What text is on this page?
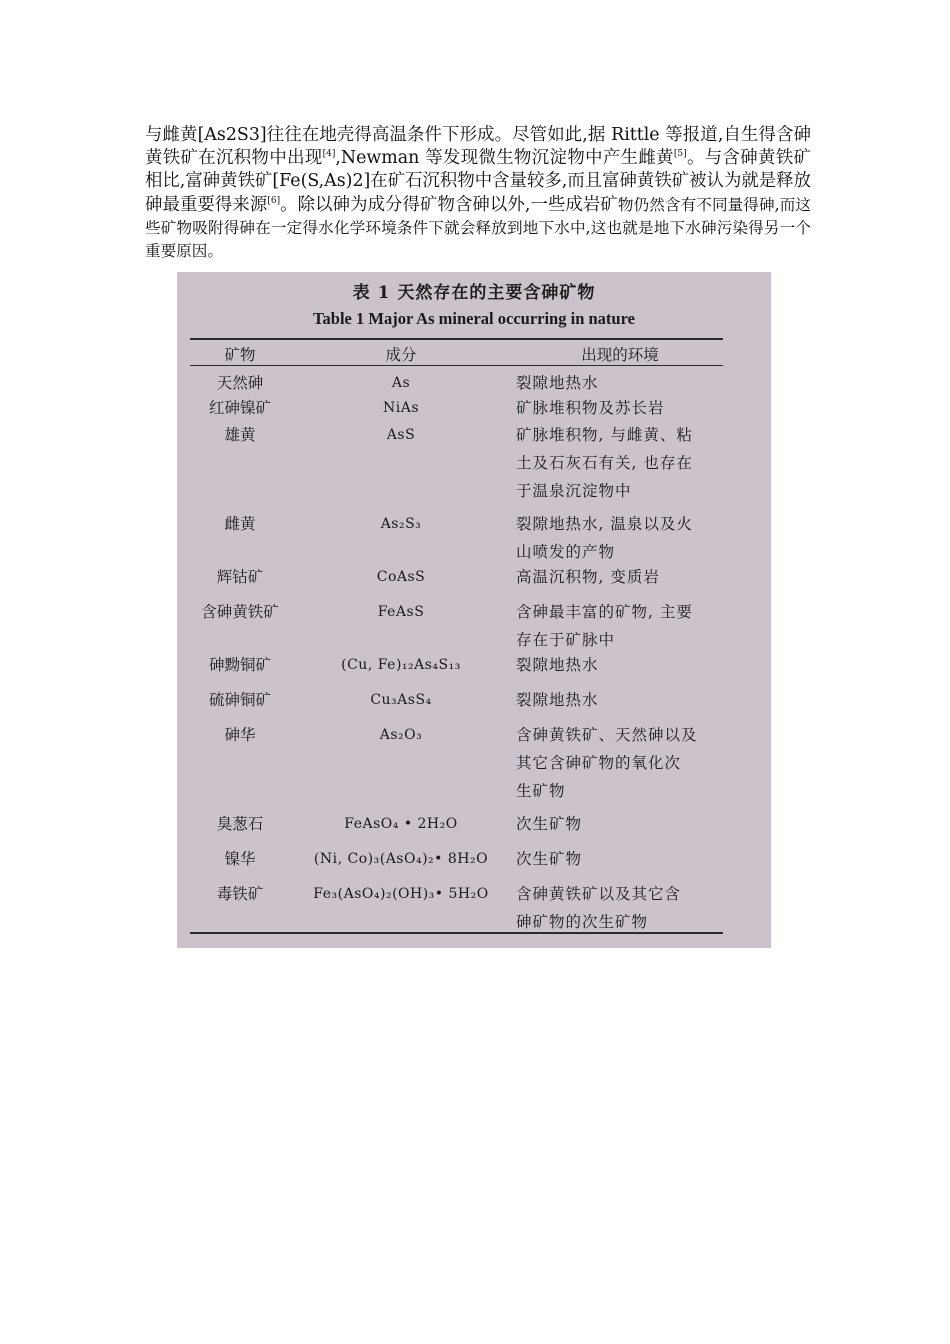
与雌黄[As2S3]往往在地壳得高温条件下形成。尽管如此,据 Rittle 等报道,自生得含砷黄铁矿在沉积物中出现[4],Newman 等发现微生物沉淀物中产生雌黄[5]。与含砷黄铁矿相比,富砷黄铁矿[Fe(S,As)2]在矿石沉积物中含量较多,而且富砷黄铁矿被认为就是释放砷最重要得来源[6]。除以砷为成分得矿物含砷以外,一些成岩矿物仍然含有不同量得砷,而这些矿物吸附得砷在一定得水化学环境条件下就会释放到地下水中,这也就是地下水砷污染得另一个重要原因。

表 1 天然存在的主要含砷矿物
Table 1 Major As mineral occurring in nature
矿物	成分	出现的环境
天然砷	As	裂隙地热水
红砷镍矿	NiAs	矿脉堆积物及苏长岩
雄黄	AsS	矿脉堆积物, 与雌黄、粘
土及石灰石有关, 也存在
于温泉沉淀物中
雌黄	As₂S₃	裂隙地热水, 温泉以及火
山喷发的产物
辉钴矿	CoAsS	高温沉积物, 变质岩
含砷黄铁矿	FeAsS	含砷最丰富的矿物, 主要
存在于矿脉中
砷黝铜矿	(Cu, Fe)₁₂As₄S₁₃	裂隙地热水
硫砷铜矿	Cu₃AsS₄	裂隙地热水
砷华	As₂O₃	含砷黄铁矿、天然砷以及
其它含砷矿物的氧化次
生矿物
臭葱石	FeAsO₄ • 2H₂O	次生矿物
镍华	(Ni, Co)₃(AsO₄)₂• 8H₂O	次生矿物
毒铁矿	Fe₃(AsO₄)₂(OH)₃• 5H₂O	含砷黄铁矿以及其它含
砷矿物的次生矿物
